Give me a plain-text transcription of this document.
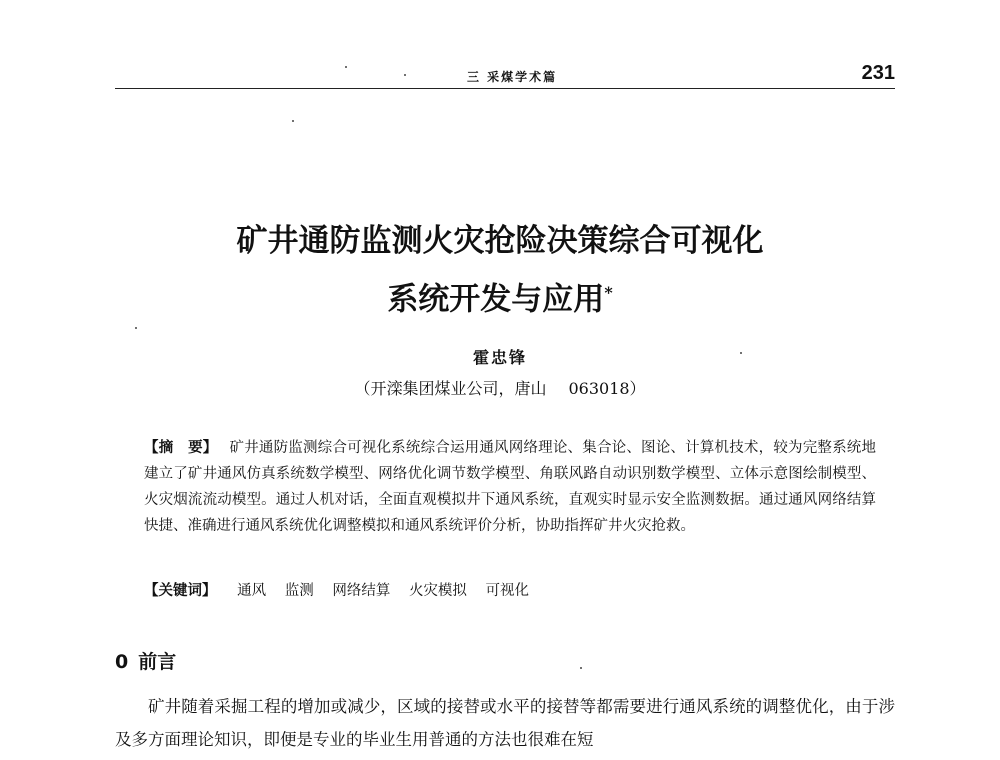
三 采煤学术篇	231
矿井通防监测火灾抢险决策综合可视化
系统开发与应用*
霍忠锋
（开滦集团煤业公司，唐山 063018）
【摘　要】 矿井通防监测综合可视化系统综合运用通风网络理论、集合论、图论、计算机技术，较为完整系统地建立了矿井通风仿真系统数学模型、网络优化调节数学模型、角联风路自动识别数学模型、立体示意图绘制模型、火灾烟流流动模型。通过人机对话，全面直观模拟井下通风系统，直观实时显示安全监测数据。通过通风网络结算快捷、准确进行通风系统优化调整模拟和通风系统评价分析，协助指挥矿井火灾抢救。
【关键词】 通风 监测 网络结算 火灾模拟 可视化
0 前言
矿井随着采掘工程的增加或减少，区域的接替或水平的接替等都需要进行通风系统的调整优化，由于涉及多方面理论知识，即便是专业的毕业生用普通的方法也很难在短
